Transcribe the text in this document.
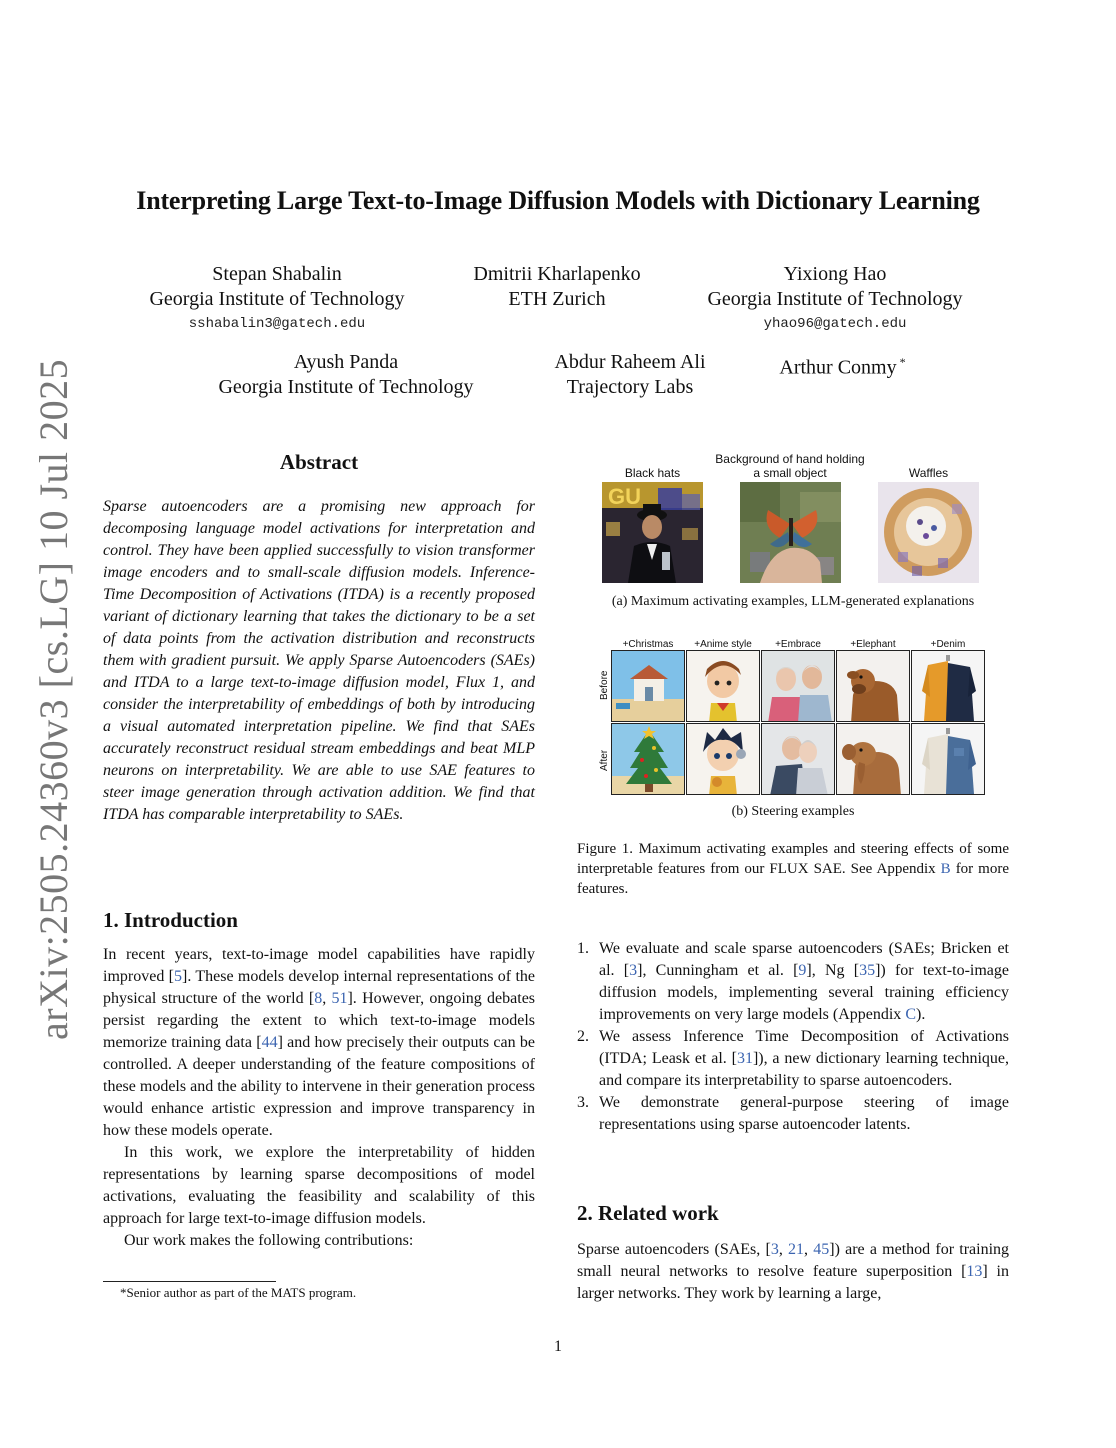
arXiv:2505.24360v3 [cs.LG] 10 Jul 2025
Interpreting Large Text-to-Image Diffusion Models with Dictionary Learning
Stepan Shabalin
Georgia Institute of Technology
sshabalin3@gatech.edu
Dmitrii Kharlapenko
ETH Zurich
Yixiong Hao
Georgia Institute of Technology
yhao96@gatech.edu
Ayush Panda
Georgia Institute of Technology
Abdur Raheem Ali
Trajectory Labs
Arthur Conmy *
Abstract

Sparse autoencoders are a promising new approach for decomposing language model activations for interpretation and control. They have been applied successfully to vision transformer image encoders and to small-scale diffusion models. Inference-Time Decomposition of Activations (ITDA) is a recently proposed variant of dictionary learning that takes the dictionary to be a set of data points from the activation distribution and reconstructs them with gradient pursuit. We apply Sparse Autoencoders (SAEs) and ITDA to a large text-to-image diffusion model, Flux 1, and consider the interpretability of embeddings of both by introducing a visual automated interpretation pipeline. We find that SAEs accurately reconstruct residual stream embeddings and beat MLP neurons on interpretability. We are able to use SAE features to steer image generation through activation addition. We find that ITDA has comparable interpretability to SAEs.

1. Introduction

In recent years, text-to-image model capabilities have rapidly improved [5]. These models develop internal representations of the physical structure of the world [8, 51]. However, ongoing debates persist regarding the extent to which text-to-image models memorize training data [44] and how precisely their outputs can be controlled. A deeper understanding of the feature compositions of these models and the ability to intervene in their generation process would enhance artistic expression and improve transparency in how these models operate.

In this work, we explore the interpretability of hidden representations by learning sparse decompositions of model activations, evaluating the feasibility and scalability of this approach for large text-to-image diffusion models.

Our work makes the following contributions:

*Senior author as part of the MATS program.
Black hats
Background of hand holding a small object	Waffles
GU
(a) Maximum activating examples, LLM-generated explanations
+Christmas	+Anime style	+Embrace	+Elephant	+Denim
Before
After
(b) Steering examples
Figure 1. Maximum activating examples and steering effects of some interpretable features from our FLUX SAE. See Appendix B for more features.
1. We evaluate and scale sparse autoencoders (SAEs; Bricken et al. [3], Cunningham et al. [9], Ng [35]) for text-to-image diffusion models, implementing several training efficiency improvements on very large models (Appendix C).
2. We assess Inference Time Decomposition of Activations (ITDA; Leask et al. [31]), a new dictionary learning technique, and compare its interpretability to sparse autoencoders.
3. We demonstrate general-purpose steering of image representations using sparse autoencoder latents.
2. Related work

Sparse autoencoders (SAEs, [3, 21, 45]) are a method for training small neural networks to resolve feature superposition [13] in larger networks. They work by learning a large,

1
